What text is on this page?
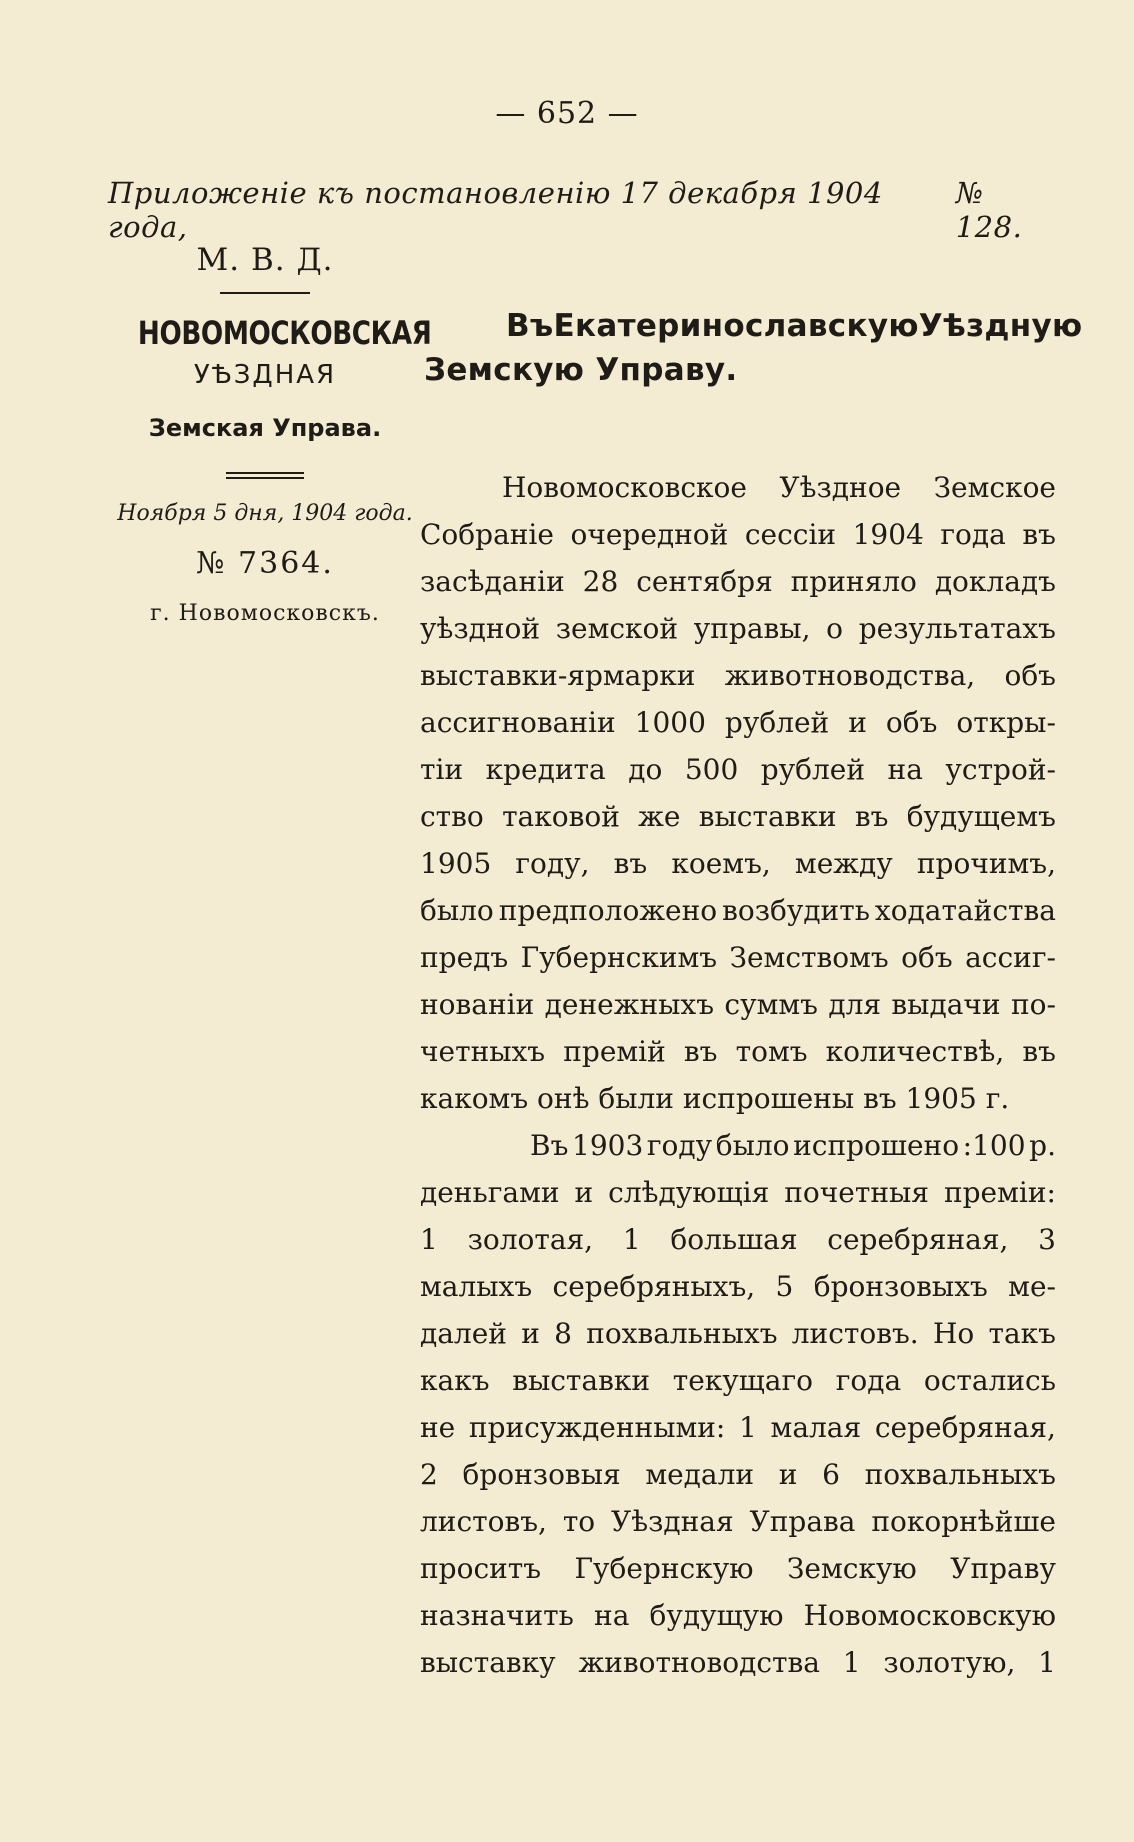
— 652 —
Приложеніе къ постановленію 17 декабря 1904 года,
№ 128.
М. В. Д.
НОВОМОСКОВСКАЯ
УѢЗДНАЯ
Земская Управа.
Ноября 5 дня, 1904 года.
№ 7364.
г. Новомосковскъ.
Въ Екатеринославскую Уѣздную
Земскую Управу.
Новомосковское Уѣздное Земское
Собраніе очередной сессіи 1904 года въ
засѣданіи 28 сентября приняло докладъ
уѣздной земской управы, о результатахъ
выставки-ярмарки животноводства, объ
ассигнованіи 1000 рублей и объ откры-
тіи кредита до 500 рублей на устрой-
ство таковой же выставки въ будущемъ
1905 году, въ коемъ, между прочимъ,
было предположено возбудить ходатайства
предъ Губернскимъ Земствомъ объ ассиг-
нованіи денежныхъ суммъ для выдачи по-
четныхъ премій въ томъ количествѣ, въ
какомъ онѣ были испрошены въ 1905 г.
Въ 1903 году было испрошено :100 р.
деньгами и слѣдующія почетныя преміи:
1 золотая, 1 большая серебряная, 3
малыхъ серебряныхъ, 5 бронзовыхъ ме-
далей и 8 похвальныхъ листовъ. Но такъ
какъ выставки текущаго года остались
не присужденными: 1 малая серебряная,
2 бронзовыя медали и 6 похвальныхъ
листовъ, то Уѣздная Управа покорнѣйше
проситъ Губернскую Земскую Управу
назначить на будущую Новомосковскую
выставку животноводства 1 золотую, 1
